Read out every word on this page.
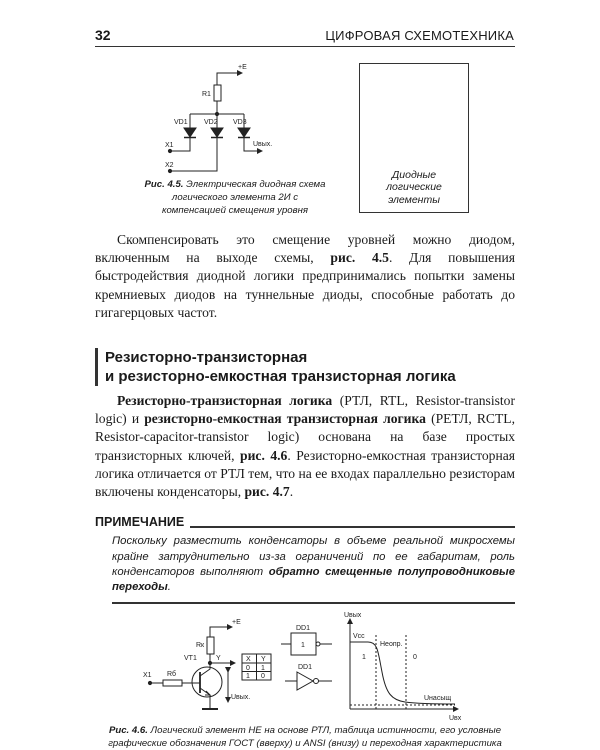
32	ЦИФРОВАЯ СХЕМОТЕХНИКА
+E
R1
VD1 VD2 VD3
X1
X2
Uвых.
Рис. 4.5. Электрическая диодная схема логического элемента 2И с компенсацией смещения уровня
Диодные
логические
элементы

Скомпенсировать это смещение уровней можно диодом, включенным на выходе схемы, рис. 4.5. Для повышения быстродействия диодной логики предпринимались попытки замены кремниевых диодов на туннельные диоды, способные работать до гигагерцовых частот.

Резисторно-транзисторная
и резисторно-емкостная транзисторная логика

Резисторно-транзисторная логика (РТЛ, RTL, Resistor-transistor logic) и резисторно-емкостная транзисторная логика (РЕТЛ, RCTL, Resistor-capacitor-transistor logic) основана на базе простых транзисторных ключей, рис. 4.6. Резисторно-емкостная транзисторная логика отличается от РТЛ тем, что на ее входах параллельно резисторам включены конденсаторы, рис. 4.7.

ПРИМЕЧАНИЕ
Поскольку разместить конденсаторы в объеме реальной микросхемы крайне затруднительно из-за ограничений по ее габаритам, роль конденсаторов выполняют обратно смещенные полупроводниковые переходы.
+E
Rк
Y
VT1
X1 Rб
Uвых.
X Y
0 1
1 0
DD1
1
DD1
Uвых
Uвх
Vcc
Неопр.
1	0
Uнасыщ
Рис. 4.6. Логический элемент НЕ на основе РТЛ, таблица истинности, его условные графические обозначения ГОСТ (вверху) и ANSI (внизу) и переходная характеристика
